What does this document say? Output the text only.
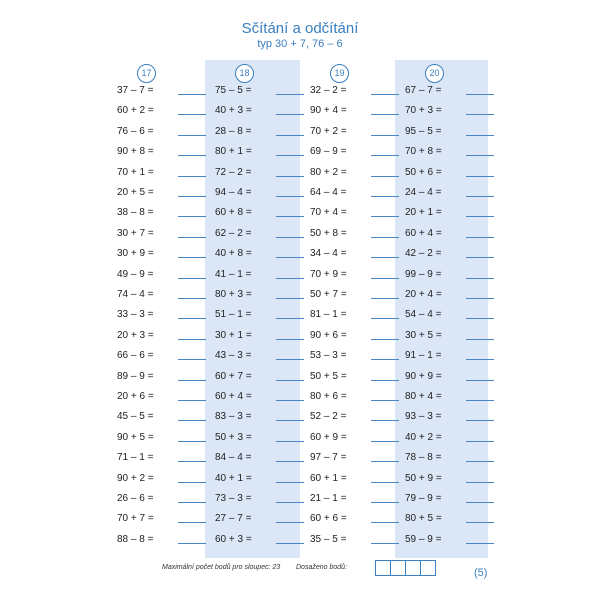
Sčítání a odčítání
typ 30 + 7, 76 – 6
17
37 – 7 =
60 + 2 =
76 – 6 =
90 + 8 =
70 + 1 =
20 + 5 =
38 – 8 =
30 + 7 =
30 + 9 =
49 – 9 =
74 – 4 =
33 – 3 =
20 + 3 =
66 – 6 =
89 – 9 =
20 + 6 =
45 – 5 =
90 + 5 =
71 – 1 =
90 + 2 =
26 – 6 =
70 + 7 =
88 – 8 =
18
75 – 5 =
40 + 3 =
28 – 8 =
80 + 1 =
72 – 2 =
94 – 4 =
60 + 8 =
62 – 2 =
40 + 8 =
41 – 1 =
80 + 3 =
51 – 1 =
30 + 1 =
43 – 3 =
60 + 7 =
60 + 4 =
83 – 3 =
50 + 3 =
84 – 4 =
40 + 1 =
73 – 3 =
27 – 7 =
60 + 3 =
19
32 – 2 =
90 + 4 =
70 + 2 =
69 – 9 =
80 + 2 =
64 – 4 =
70 + 4 =
50 + 8 =
34 – 4 =
70 + 9 =
50 + 7 =
81 – 1 =
90 + 6 =
53 – 3 =
50 + 5 =
80 + 6 =
52 – 2 =
60 + 9 =
97 – 7 =
60 + 1 =
21 – 1 =
60 + 6 =
35 – 5 =
20
67 – 7 =
70 + 3 =
95 – 5 =
70 + 8 =
50 + 6 =
24 – 4 =
20 + 1 =
60 + 4 =
42 – 2 =
99 – 9 =
20 + 4 =
54 – 4 =
30 + 5 =
91 – 1 =
90 + 9 =
80 + 4 =
93 – 3 =
40 + 2 =
78 – 8 =
50 + 9 =
79 – 9 =
80 + 5 =
59 – 9 =
Maximální počet bodů pro sloupec: 23 Dosaženo bodů:	(5)
